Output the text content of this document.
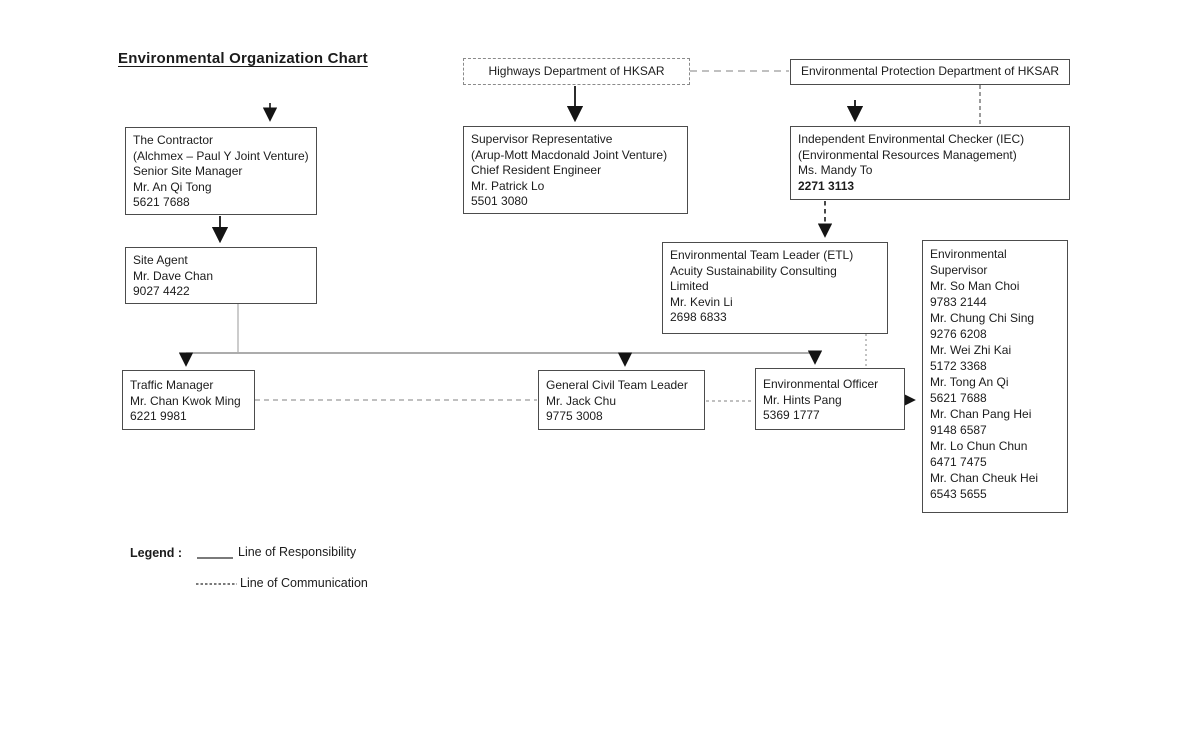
Environmental Organization Chart
Highways Department of HKSAR	Environmental Protection Department of HKSAR
The Contractor
(Alchmex – Paul Y Joint Venture)
Senior Site Manager
Mr. An Qi Tong
5621 7688
Supervisor Representative
(Arup-Mott Macdonald Joint Venture)
Chief Resident Engineer
Mr. Patrick Lo
5501 3080
Independent Environmental Checker (IEC)
(Environmental Resources Management)
Ms. Mandy To
2271 3113
Site Agent
Mr. Dave Chan
9027 4422
Environmental Team Leader (ETL)
Acuity Sustainability Consulting
Limited
Mr. Kevin Li
2698 6833
Environmental
Supervisor
Mr. So Man Choi
9783 2144
Mr. Chung Chi Sing
9276 6208
Mr. Wei Zhi Kai
5172 3368
Mr. Tong An Qi
5621 7688
Mr. Chan Pang Hei
9148 6587
Mr. Lo Chun Chun
6471 7475
Mr. Chan Cheuk Hei
6543 5655
Traffic Manager
Mr. Chan Kwok Ming
6221 9981
General Civil Team Leader
Mr. Jack Chu
9775 3008
Environmental Officer
Mr. Hints Pang
5369 1777
Legend :	Line of Responsibility
Line of Communication
